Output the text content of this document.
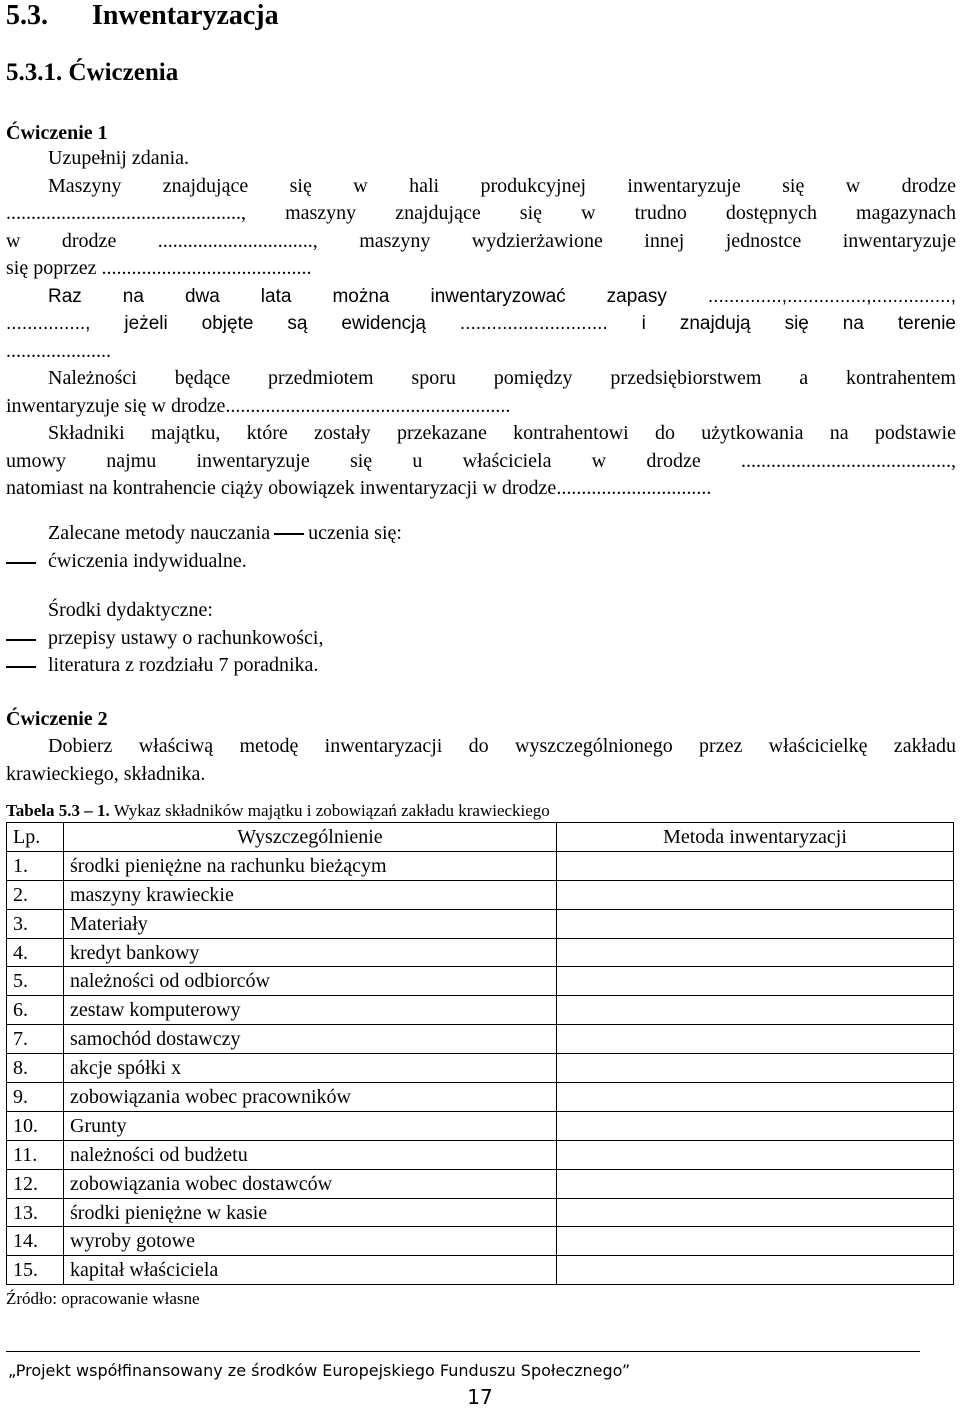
5.3. Inwentaryzacja
5.3.1. Ćwiczenia
Ćwiczenie 1
Uzupełnij zdania.
Maszyny znajdujące się w hali produkcyjnej inwentaryzuje się w drodze
..............................................., maszyny znajdujące się w trudno dostępnych magazynach
w drodze ..............................., maszyny wydzierżawione innej jednostce inwentaryzuje
się poprzez ..........................................
Raz na dwa lata można inwentaryzować zapasy ..............,...............,...............,
..............., jeżeli objęte są ewidencją ............................ i znajdują się na terenie
.....................
Należności będące przedmiotem sporu pomiędzy przedsiębiorstwem a kontrahentem
inwentaryzuje się w drodze.........................................................
Składniki majątku, które zostały przekazane kontrahentowi do użytkowania na podstawie
umowy najmu inwentaryzuje się u właściciela w drodze ..........................................,
natomiast na kontrahencie ciąży obowiązek inwentaryzacji w drodze...............................
Zalecane metody nauczania uczenia się:
ćwiczenia indywidualne.
Środki dydaktyczne:
przepisy ustawy o rachunkowości,
literatura z rozdziału 7 poradnika.
Ćwiczenie 2
Dobierz właściwą metodę inwentaryzacji do wyszczególnionego przez właścicielkę zakładu
krawieckiego, składnika.
Tabela 5.3 – 1. Wykaz składników majątku i zobowiązań zakładu krawieckiego
Lp.	Wyszczególnienie	Metoda inwentaryzacji
1.	środki pieniężne na rachunku bieżącym	
2.	maszyny krawieckie	
3.	Materiały	
4.	kredyt bankowy	
5.	należności od odbiorców	
6.	zestaw komputerowy	
7.	samochód dostawczy	
8.	akcje spółki x	
9.	zobowiązania wobec pracowników	
10.	Grunty	
11.	należności od budżetu	
12.	zobowiązania wobec dostawców	
13.	środki pieniężne w kasie	
14.	wyroby gotowe	
15.	kapitał właściciela	
Źródło: opracowanie własne
„Projekt współfinansowany ze środków Europejskiego Funduszu Społecznego”
17
